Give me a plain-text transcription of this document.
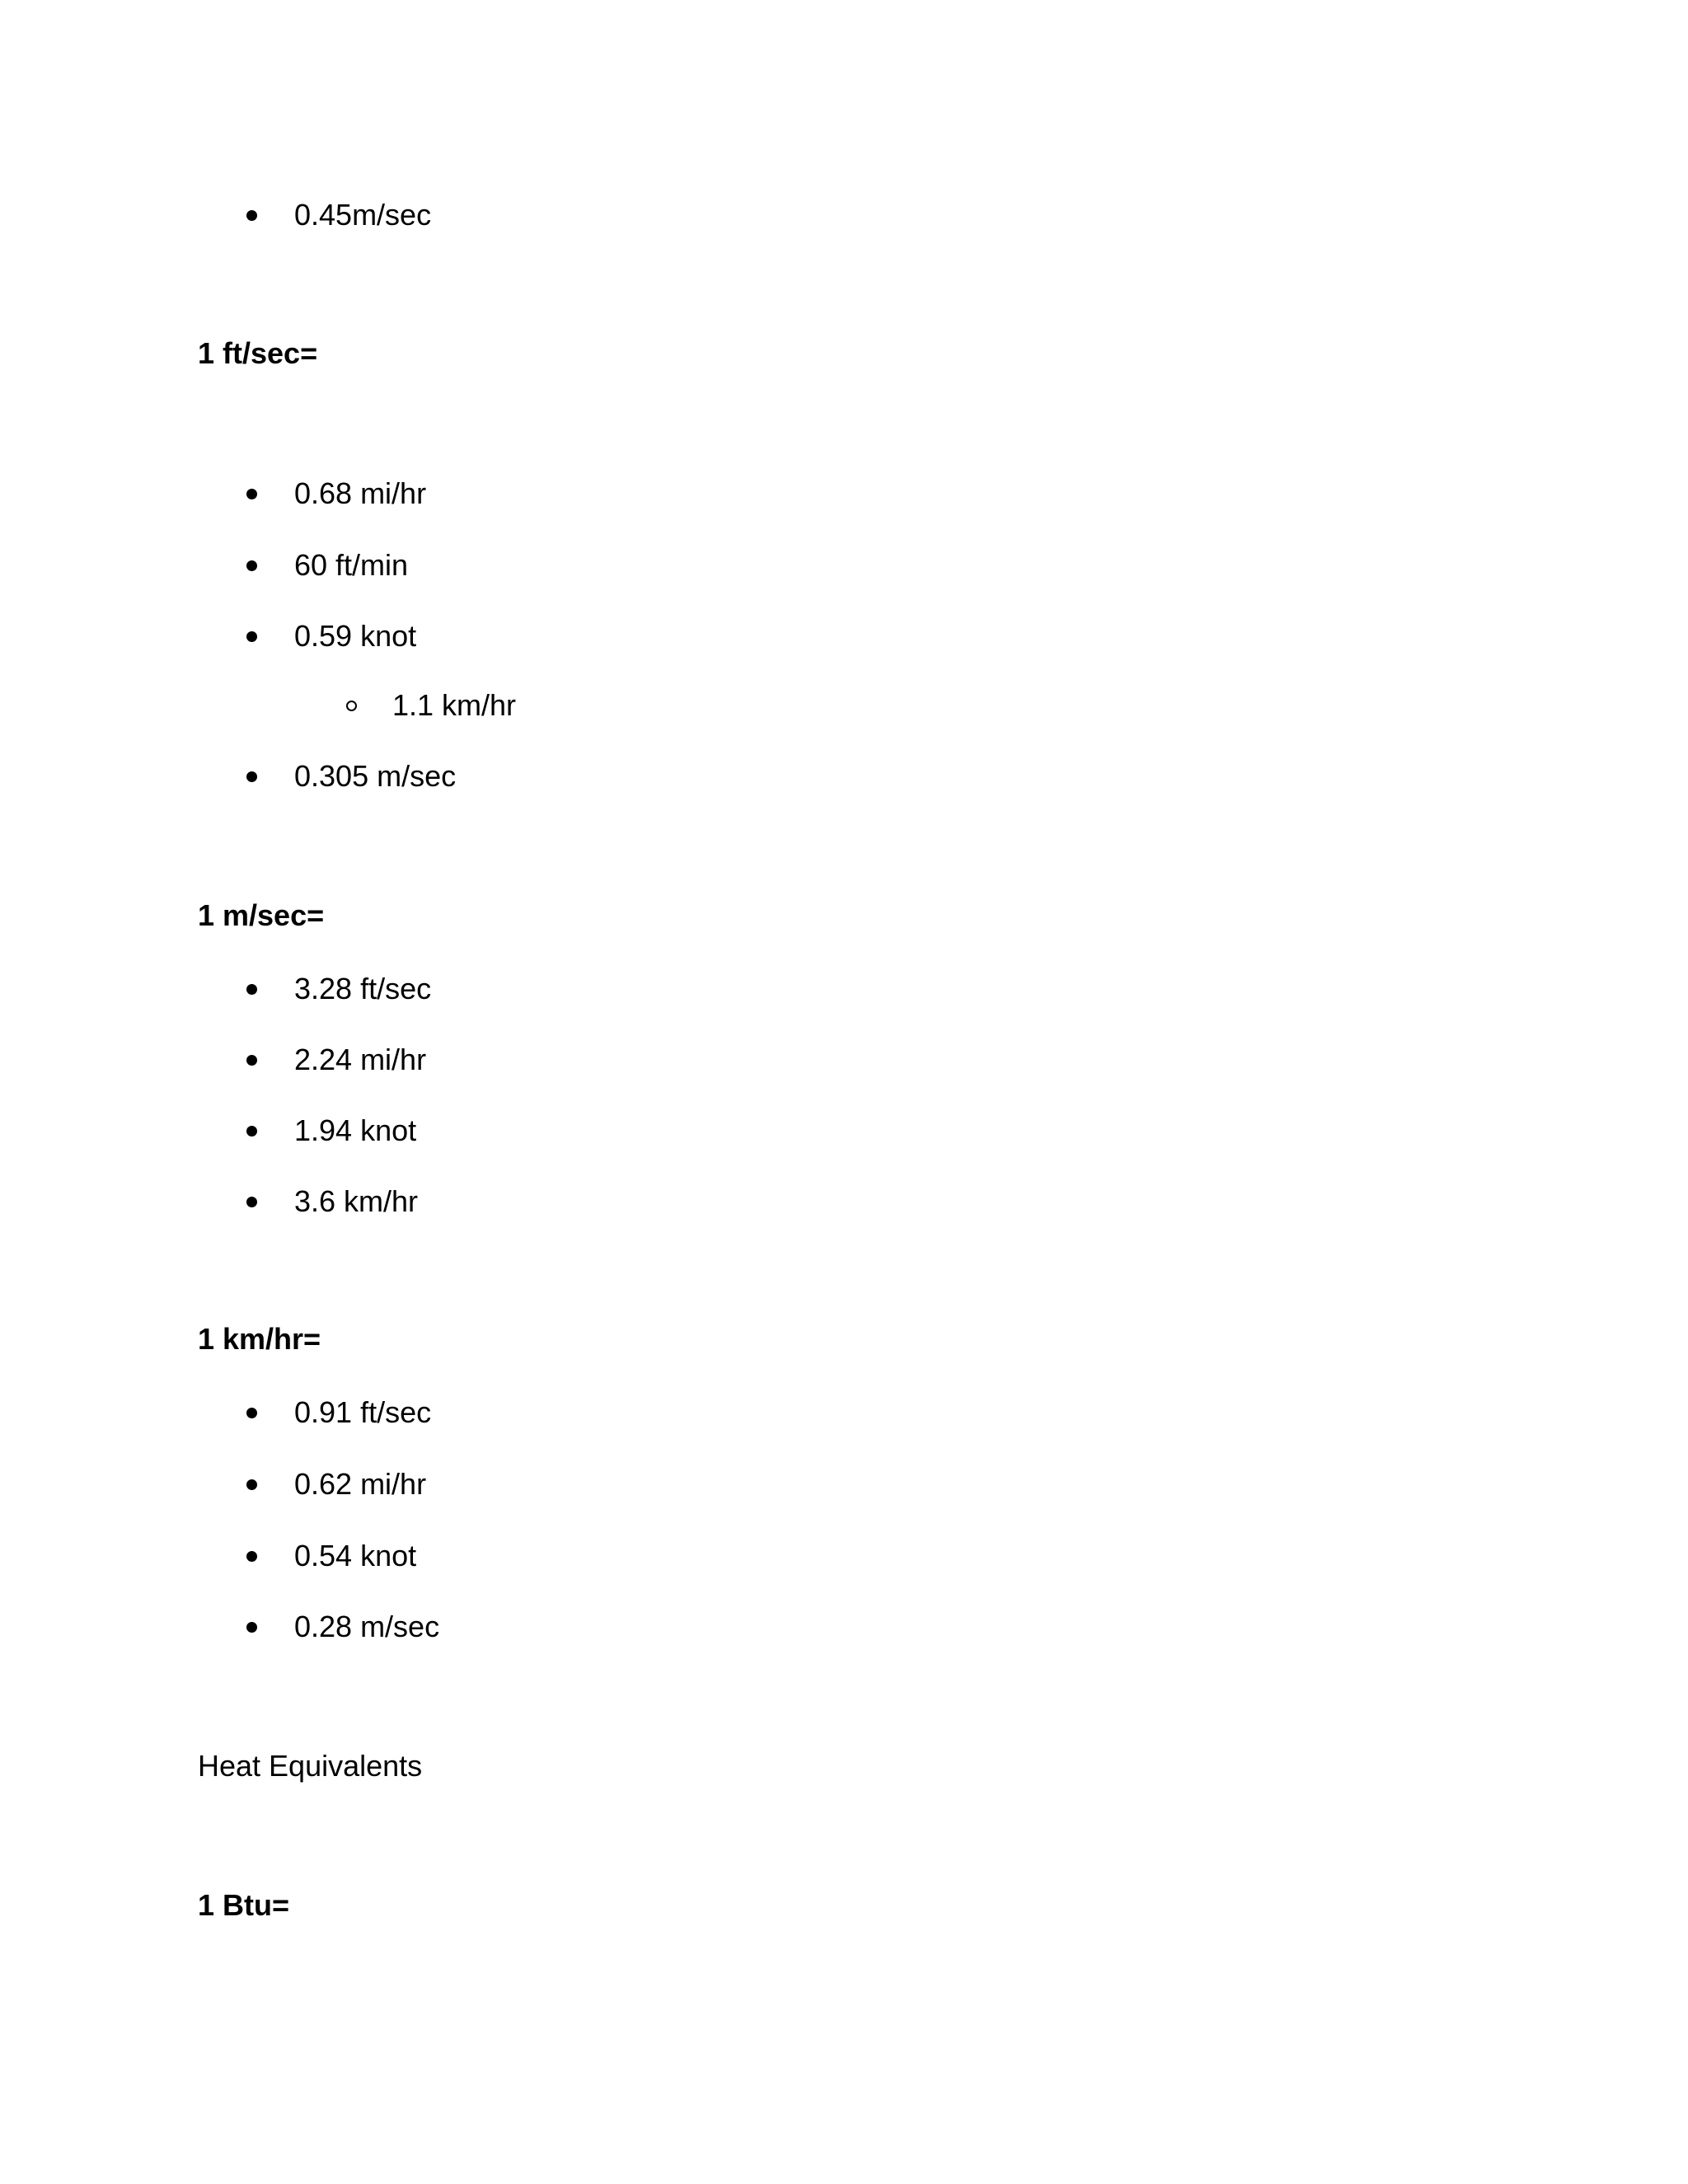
0.45m/sec
1 ft/sec=
0.68 mi/hr
60 ft/min
0.59 knot
1.1 km/hr
0.305 m/sec
1 m/sec=
3.28 ft/sec
2.24 mi/hr
1.94 knot
3.6 km/hr
1 km/hr=
0.91 ft/sec
0.62 mi/hr
0.54 knot
0.28 m/sec
Heat Equivalents
1 Btu=
